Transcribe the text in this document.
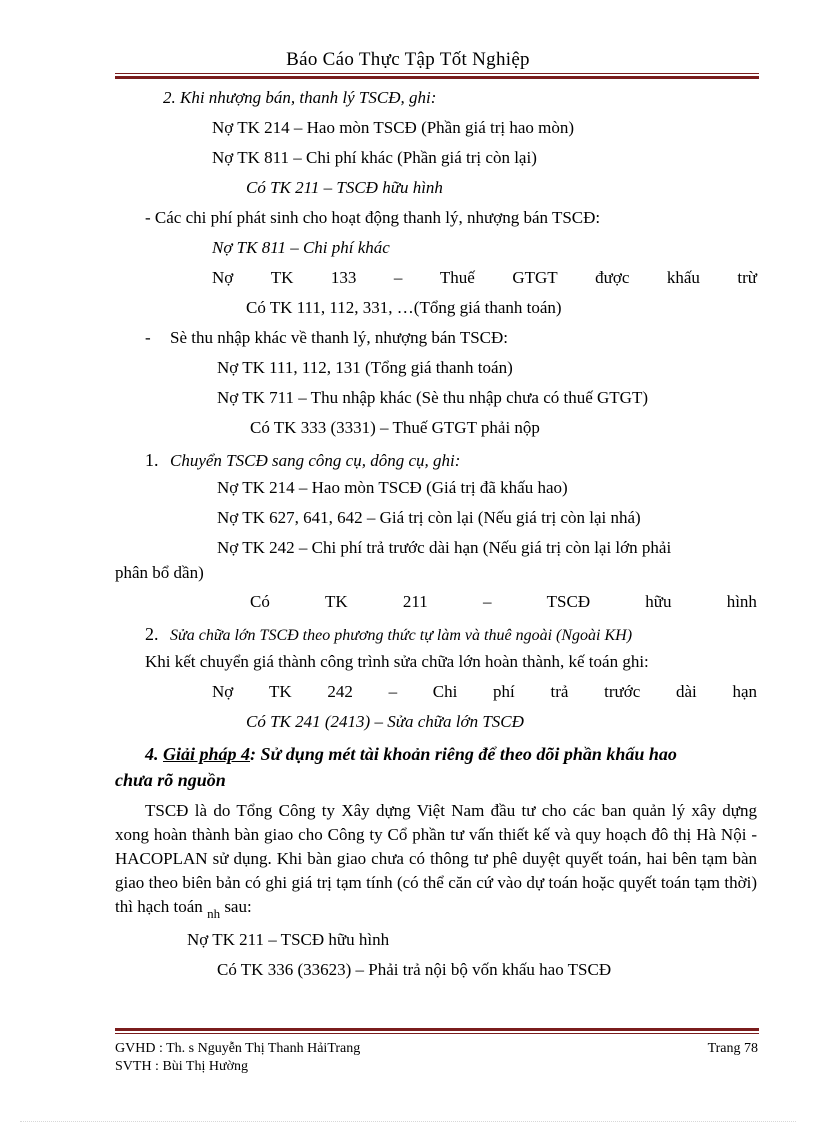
Báo Cáo Thực Tập Tốt Nghiệp
2. Khi nhượng bán, thanh lý TSCĐ, ghi:
Nợ TK 214 – Hao mòn TSCĐ (Phần giá trị hao mòn)
Nợ TK 811 – Chi phí khác (Phần giá trị còn lại)
Có TK 211 – TSCĐ hữu hình
- Các chi phí phát sinh cho hoạt động thanh lý, nhượng bán TSCĐ:
Nợ TK 811 – Chi phí khác
Nợ TK 133 – Thuế GTGT được khấu trừ
Có TK 111, 112, 331, …(Tổng giá thanh toán)
- Sè thu nhập khác về thanh lý, nhượng bán TSCĐ:
Nợ TK 111, 112, 131 (Tổng giá thanh toán)
Nợ TK 711 – Thu nhập khác (Sè thu nhập chưa có thuế GTGT)
Có TK 333 (3331) – Thuế GTGT phải nộp
1. Chuyển TSCĐ sang công cụ, dông cụ, ghi:
Nợ TK 214 – Hao mòn TSCĐ (Giá trị đã khấu hao)
Nợ TK 627, 641, 642 – Giá trị còn lại (Nếu giá trị còn lại nhá)
Nợ TK 242 – Chi phí trả trước dài hạn (Nếu giá trị còn lại lớn phải
phân bổ dần)
Có	TK	211	–	TSCĐ	hữu	hình
2. Sửa chữa lớn TSCĐ theo phương thức tự làm và thuê ngoài (Ngoài KH)
Khi kết chuyển giá thành công trình sửa chữa lớn hoàn thành, kế toán ghi:
Nợ TK 242 – Chi phí trả trước dài hạn
Có TK 241 (2413) – Sửa chữa lớn TSCĐ
4. Giải pháp 4: Sử dụng mét tài khoản riêng để theo dõi phần khấu hao
chưa rõ nguồn
TSCĐ là do Tổng Công ty Xây dựng Việt Nam đầu tư cho các ban quản lý xây dựng xong hoàn thành bàn giao cho Công ty Cổ phần tư vấn thiết kế và quy hoạch đô thị Hà Nội - HACOPLAN sử dụng. Khi bàn giao chưa có thông tư phê duyệt quyết toán, hai bên tạm bàn giao theo biên bản có ghi giá trị tạm tính (có thể căn cứ vào dự toán hoặc quyết toán tạm thời) thì hạch toán $_{nh}$ sau:
Nợ TK 211 – TSCĐ hữu hình
Có TK 336 (33623) – Phải trả nội bộ vốn khấu hao TSCĐ
GVHD : Th. s Nguyễn Thị Thanh HảiTrang
SVTH : Bùi Thị Hường
Trang 78
